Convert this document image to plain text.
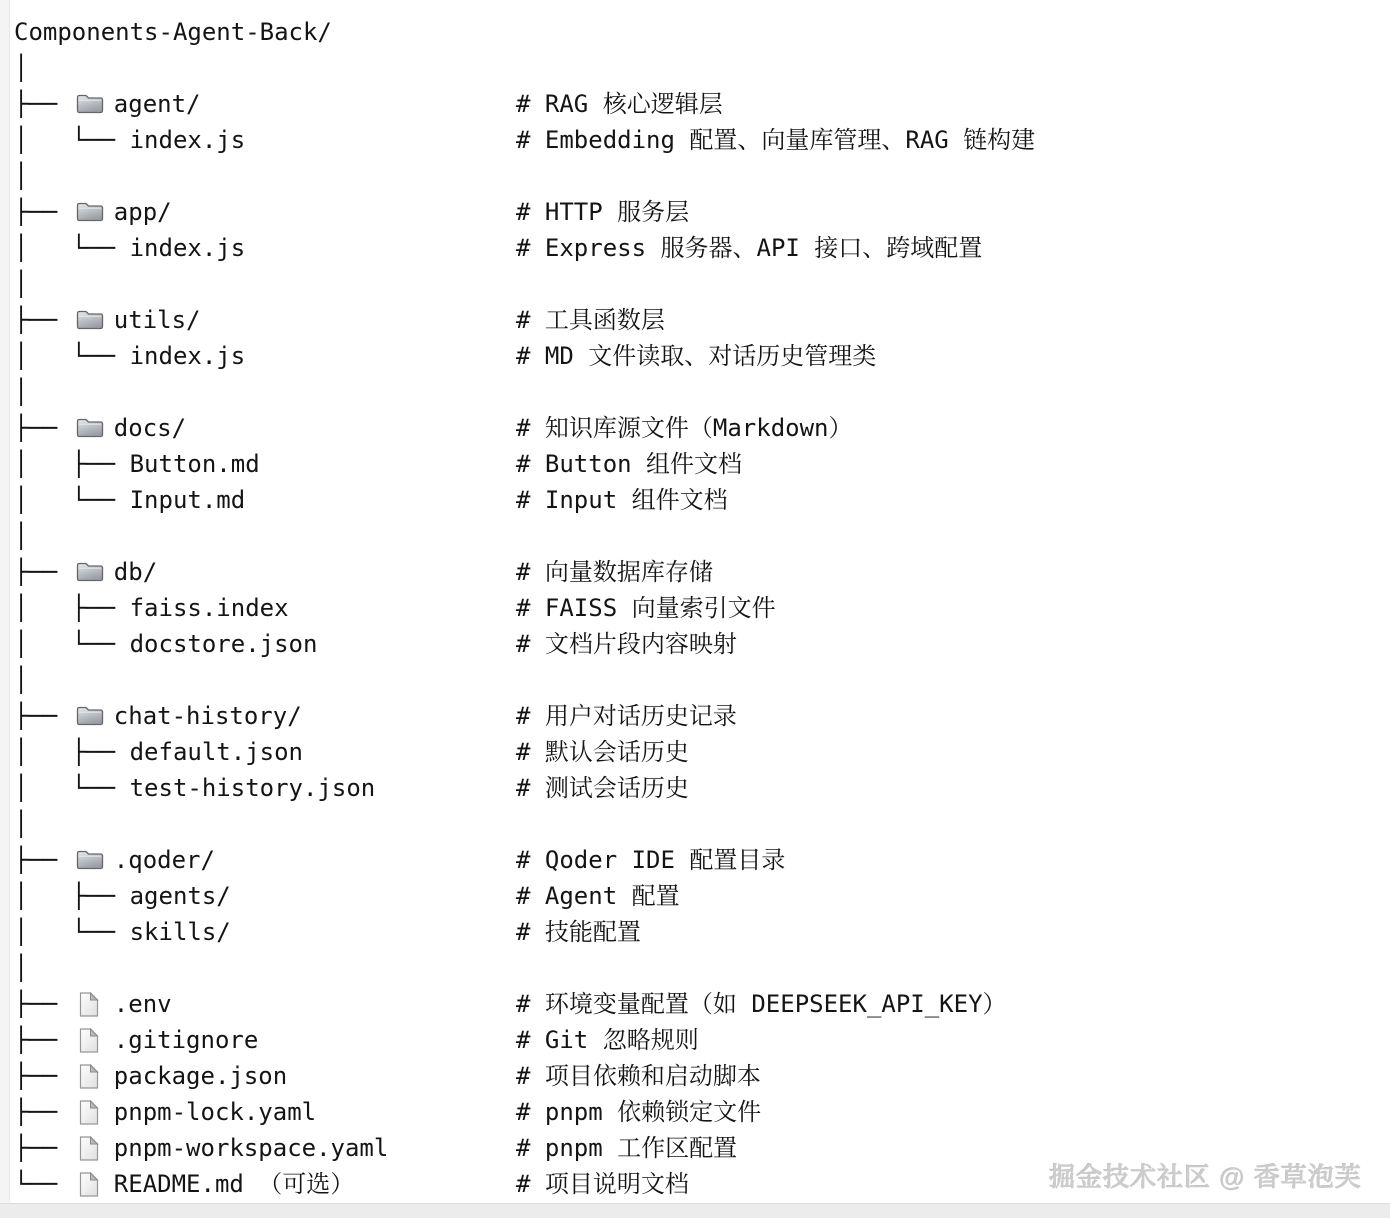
Components-Agent-Back/
│
├── agent/	# RAG 核心逻辑层
│   └── index.js	# Embedding 配置、向量库管理、RAG 链构建
│
├── app/	# HTTP 服务层
│   └── index.js	# Express 服务器、API 接口、跨域配置
│
├── utils/	# 工具函数层
│   └── index.js	# MD 文件读取、对话历史管理类
│
├── docs/	# 知识库源文件（Markdown）
│   ├── Button.md	# Button 组件文档
│   └── Input.md	# Input 组件文档
│
├── db/	# 向量数据库存储
│   ├── faiss.index	# FAISS 向量索引文件
│   └── docstore.json	# 文档片段内容映射
│
├── chat-history/	# 用户对话历史记录
│   ├── default.json	# 默认会话历史
│   └── test-history.json	# 测试会话历史
│
├── .qoder/	# Qoder IDE 配置目录
│   ├── agents/	# Agent 配置
│   └── skills/	# 技能配置
│
├── .env	# 环境变量配置（如 DEEPSEEK_API_KEY）
├── .gitignore	# Git 忽略规则
├── package.json	# 项目依赖和启动脚本
├── pnpm-lock.yaml	# pnpm 依赖锁定文件
├── pnpm-workspace.yaml	# pnpm 工作区配置
└── README.md （可选）	# 项目说明文档	掘金技术社区 @ 香草泡芙
